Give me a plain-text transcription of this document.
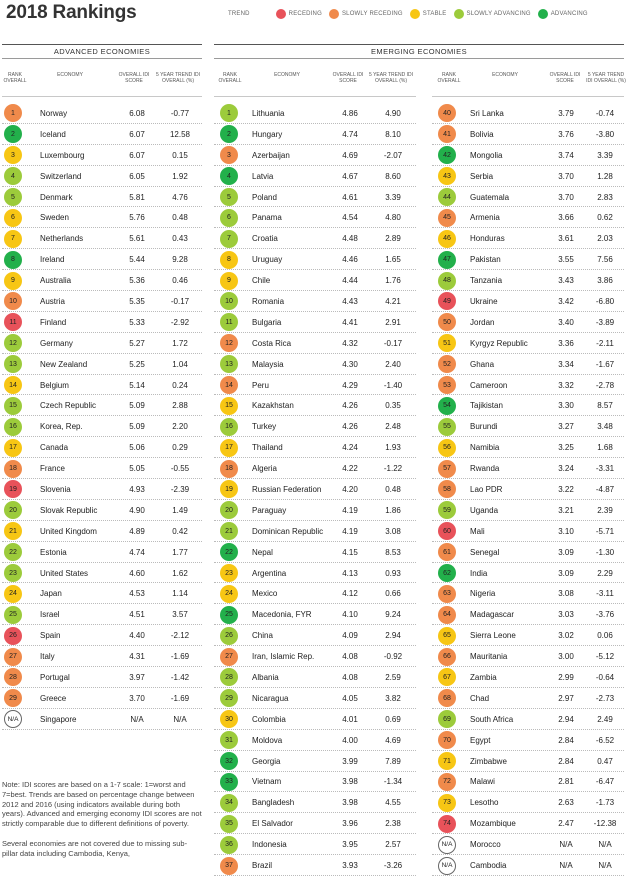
2018 Rankings	TREND	RECEDING	SLOWLY RECEDING	STABLE	SLOWLY ADVANCING	ADVANCING
ADVANCED ECONOMIES	EMERGING ECONOMIES
RANK OVERALL
ECONOMY	OVERALL IDI SCORE
5 YEAR TREND IDI OVERALL (%)
RANK OVERALL
ECONOMY	OVERALL IDI SCORE
5 YEAR TREND IDI OVERALL (%)
RANK OVERALL
ECONOMY	OVERALL IDI SCORE
5 YEAR TREND IDI OVERALL (%)
1	Norway	6.08	-0.77
2	Iceland	6.07	12.58
3	Luxembourg	6.07	0.15
4	Switzerland	6.05	1.92
5	Denmark	5.81	4.76
6	Sweden	5.76	0.48
7	Netherlands	5.61	0.43
8	Ireland	5.44	9.28
9	Australia	5.36	0.46
10	Austria	5.35	-0.17
11	Finland	5.33	-2.92
12	Germany	5.27	1.72
13	New Zealand	5.25	1.04
14	Belgium	5.14	0.24
15	Czech Republic	5.09	2.88
16	Korea, Rep.	5.09	2.20
17	Canada	5.06	0.29
18	France	5.05	-0.55
19	Slovenia	4.93	-2.39
20	Slovak Republic	4.90	1.49
21	United Kingdom	4.89	0.42
22	Estonia	4.74	1.77
23	United States	4.60	1.62
24	Japan	4.53	1.14
25	Israel	4.51	3.57
26	Spain	4.40	-2.12
27	Italy	4.31	-1.69
28	Portugal	3.97	-1.42
29	Greece	3.70	-1.69
N/A	Singapore	N/A	N/A
1	Lithuania	4.86	4.90
2	Hungary	4.74	8.10
3	Azerbaijan	4.69	-2.07
4	Latvia	4.67	8.60
5	Poland	4.61	3.39
6	Panama	4.54	4.80
7	Croatia	4.48	2.89
8	Uruguay	4.46	1.65
9	Chile	4.44	1.76
10	Romania	4.43	4.21
11	Bulgaria	4.41	2.91
12	Costa Rica	4.32	-0.17
13	Malaysia	4.30	2.40
14	Peru	4.29	-1.40
15	Kazakhstan	4.26	0.35
16	Turkey	4.26	2.48
17	Thailand	4.24	1.93
18	Algeria	4.22	-1.22
19	Russian Federation	4.20	0.48
20	Paraguay	4.19	1.86
21	Dominican Republic	4.19	3.08
22	Nepal	4.15	8.53
23	Argentina	4.13	0.93
24	Mexico	4.12	0.66
25	Macedonia, FYR	4.10	9.24
26	China	4.09	2.94
27	Iran, Islamic Rep.	4.08	-0.92
28	Albania	4.08	2.59
29	Nicaragua	4.05	3.82
30	Colombia	4.01	0.69
31	Moldova	4.00	4.69
32	Georgia	3.99	7.89
33	Vietnam	3.98	-1.34
34	Bangladesh	3.98	4.55
35	El Salvador	3.96	2.38
36	Indonesia	3.95	2.57
37	Brazil	3.93	-3.26
40	Sri Lanka	3.79	-0.74
41	Bolivia	3.76	-3.80
42	Mongolia	3.74	3.39
43	Serbia	3.70	1.28
44	Guatemala	3.70	2.83
45	Armenia	3.66	0.62
46	Honduras	3.61	2.03
47	Pakistan	3.55	7.56
48	Tanzania	3.43	3.86
49	Ukraine	3.42	-6.80
50	Jordan	3.40	-3.89
51	Kyrgyz Republic	3.36	-2.11
52	Ghana	3.34	-1.67
53	Cameroon	3.32	-2.78
54	Tajikistan	3.30	8.57
55	Burundi	3.27	3.48
56	Namibia	3.25	1.68
57	Rwanda	3.24	-3.31
58	Lao PDR	3.22	-4.87
59	Uganda	3.21	2.39
60	Mali	3.10	-5.71
61	Senegal	3.09	-1.30
62	India	3.09	2.29
63	Nigeria	3.08	-3.11
64	Madagascar	3.03	-3.76
65	Sierra Leone	3.02	0.06
66	Mauritania	3.00	-5.12
67	Zambia	2.99	-0.64
68	Chad	2.97	-2.73
69	South Africa	2.94	2.49
70	Egypt	2.84	-6.52
71	Zimbabwe	2.84	0.47
72	Malawi	2.81	-6.47
73	Lesotho	2.63	-1.73
74	Mozambique	2.47	-12.38
N/A	Morocco	N/A	N/A
N/A	Cambodia	N/A	N/A

Note: IDI scores are based on a 1-7 scale: 1=worst and 7=best. Trends are based on percentage change between 2012 and 2016 (using indicators available during both years). Advanced and emerging economy IDI scores are not strictly comparable due to different definitions of poverty.

Several economies are not covered due to missing sub-pillar data including Cambodia, Kenya,
